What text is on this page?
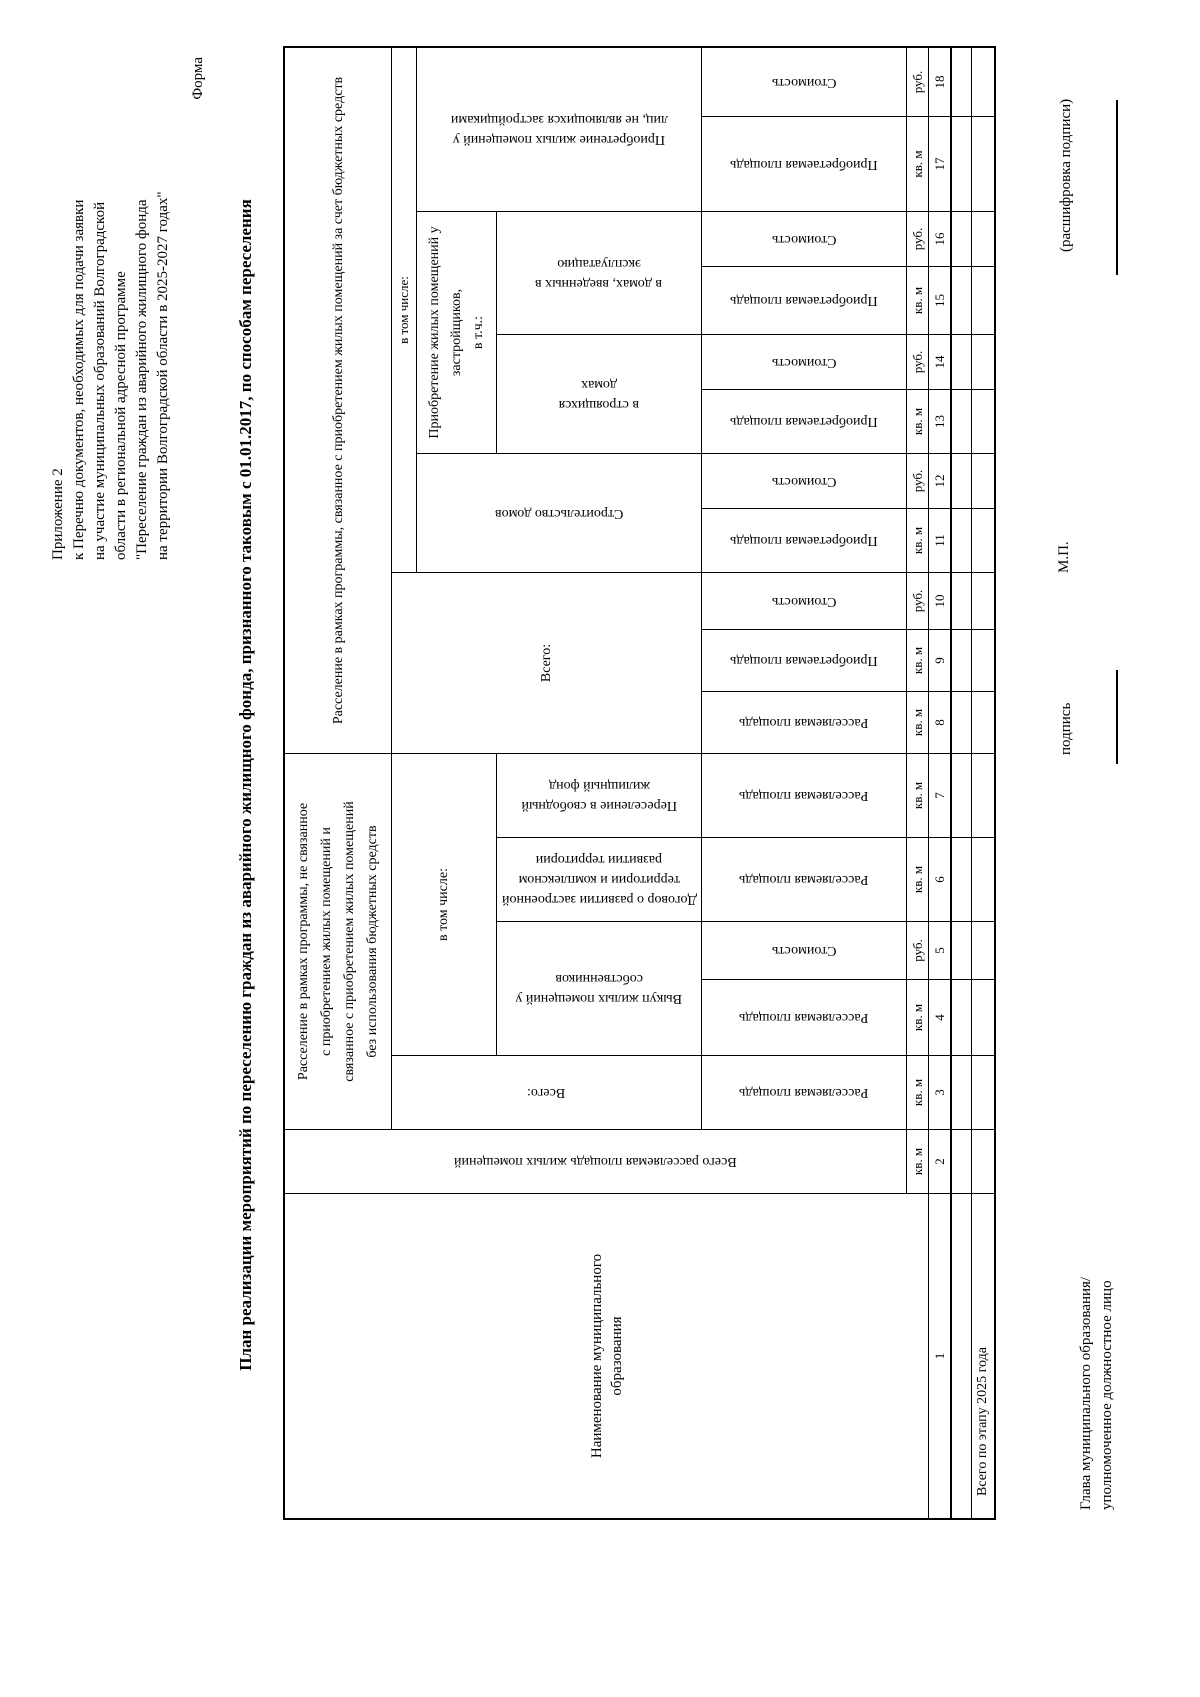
Приложение 2 к Перечню документов, необходимых для подачи заявки на участие муниципальных образований Волгоградской области в региональной адресной программе "Переселение граждан из аварийного жилищного фонда на территории Волгоградской области в 2025-2027 годах"
Форма
План реализации мероприятий по переселению граждан из аварийного жилищного фонда, признанного таковым с 01.01.2017, по способам переселения	Наименование муниципального образования
Всего расселяемая площадь жилых помещений
Расселение в рамках программы, не связанное с приобретением жилых помещений и связанное с приобретением жилых помещений без использования бюджетных средств
Расселение в рамках программы, связанное с приобретением жилых помещений за счет бюджетных средств
Всего:
в том числе:
Выкуп жилых помещений у собственников
Договор о развитии застроенной территории и комплексном развитии территории
Переселение в свободный жилищный фонд
Всего:
в том числе:
Строительство домов
Приобретение жилых помещений у застройщиков, в т.ч.:
в строящихся домах
в домах, введенных в эксплуатацию
Приобретение жилых помещений у лиц, не являющихся застройщиками
Расселяемая площадь
Расселяемая площадь
Стоимость
Расселяемая площадь
Расселяемая площадь
Расселяемая площадь
Приобретаемая площадь
Стоимость
Приобретаемая площадь
Стоимость
Приобретаемая площадь
Стоимость
Приобретаемая площадь
Стоимость
Приобретаемая площадь
Стоимость
Всего по этапу 2025 года
кв. м
кв. м
кв. м
руб.
кв. м
кв. м
кв. м
кв. м
руб.
кв. м
руб.
кв. м
руб.
кв. м
руб.
кв. м
руб.
1
2
3
4
5
6
7
8
9
10
11
12
13
14
15
16
17
18
Глава муниципального образования/ уполномоченное должностное лицо
подпись
М.П.
(расшифровка подписи)
